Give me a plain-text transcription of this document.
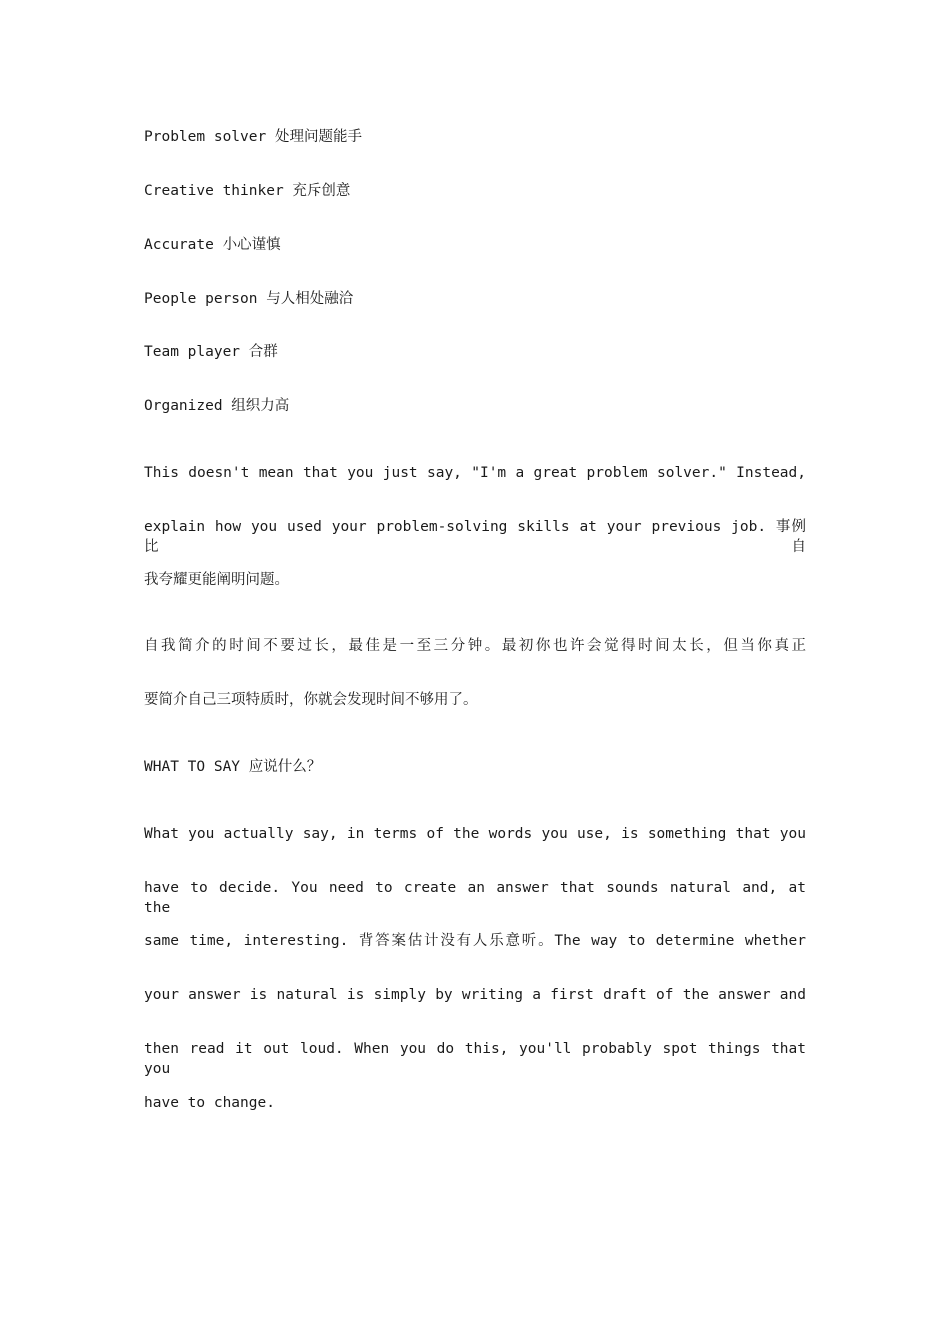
Problem solver 处理问题能手
Creative thinker 充斥创意
Accurate 小心谨慎
People person 与人相处融洽
Team player 合群
Organized 组织力高
This doesn't mean that you just say, "I'm a great problem solver." Instead,
explain how you used your problem-solving skills at your previous job. 事例比自
我夸耀更能阐明问题。
自我简介的时间不要过长，最佳是一至三分钟。最初你也许会觉得时间太长，但当你真正
要简介自己三项特质时，你就会发现时间不够用了。
WHAT TO SAY 应说什么？
What you actually say, in terms of the words you use, is something that you
have to decide. You need to create an answer that sounds natural and, at the
same time, interesting. 背答案估计没有人乐意听。The way to determine whether
your answer is natural is simply by writing a first draft of the answer and
then read it out loud. When you do this, you'll probably spot things that you
have to change.
